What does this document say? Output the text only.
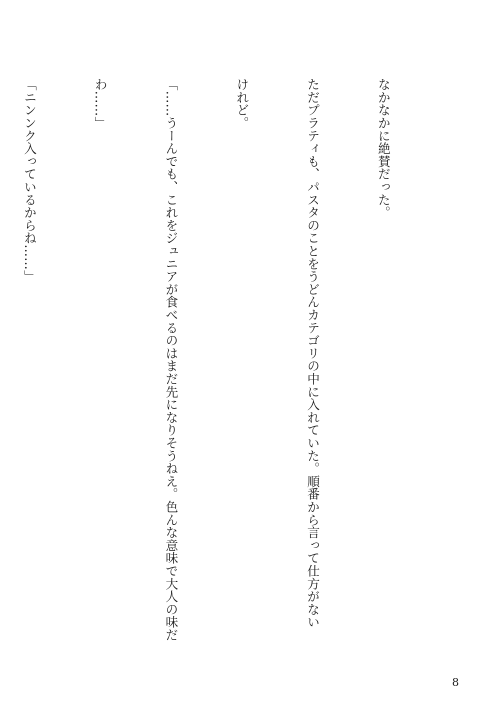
なかなかに絶賛だった。

ただプラティも、パスタのことをうどんカテゴリの中に入れていた。順番から言って仕方がない

けれど。

「……うーんでも、これをジュニアが食べるのはまだ先になりそうねえ。色んな意味で大人の味だ

わ……」

「ニンンク入っているからね……」

8
